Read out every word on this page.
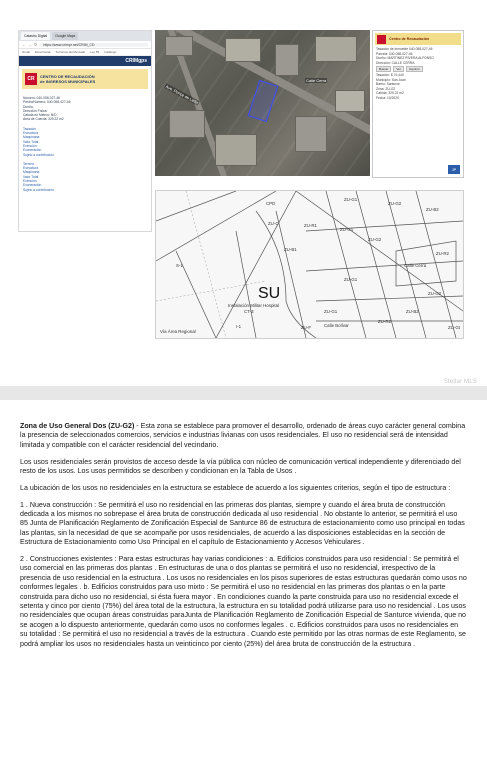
Catastro Digital	Google Maps
← → ↻	https://www.crimpr.net/CRIM_CD
Gmail Zona Fiscal Términos del Mercado Ley 55 Catálogo
CRIMgps
CR	CENTRO DE RECAUDACIÓN
de INGRESOS MUNICIPALES
Número: 040-058-027-46
Predio/Número: 040-058-027-46
Dueño:
Dirección Física:
Cabida en Metros: N/D
Área de Cuerda: 329.22 m2
Tasación
Estructura
Maquinaria
Valor Total
Exención
Exoneración
Sujeto a contribución
Terreno
Estructura
Maquinaria
Valor Total
Exención
Exoneración
Sujeto a contribución
Calle Cerra
Ave. Ponce de León
Centro de Recaudación
Tasación de Inmueble 040-058-027-46
Parcela: 040-058-027-46
Dueño: MARTINEZ RIVERA ALFONSO
Dirección: CALLE CERRA
Buscar	Ver	Imprimir
Tasación: $ 74,440
Municipio: San Juan
Barrio: Santurce
Zona: ZU-G2
Cabida: 329.22 m2
Fecha: 10/2020
JP
ZU-G1
ZU-G2
ZU-B2
ZU-R1
ZU-C
ZU-G1
ZU-G2
CT-3
I-1
S-1
CPD
Calle Cerra
ZU-R2
ZU-G1
ZU-B2
ZU-G1
ZU-R2
ZU-F	Calle Bolívar	ZU-Gt
ZU-B1
ZU-G2
Instalación Militar Hospital
Vía Área Regional
SU
Stellar MLS

Zona de Uso General Dos (ZU-G2) - Esta zona se establece para promover el desarrollo, ordenado de áreas cuyo carácter general combina la presencia de seleccionados comercios, servicios e industrias livianas con usos residenciales. El uso no residencial será de intensidad limitada y compatible con el carácter residencial del vecindario.

Los usos residenciales serán provistos de acceso desde la vía pública con núcleo de comunicación vertical independiente y diferenciado del resto de los usos. Los usos permitidos se describen y condicionan en la Tabla de Usos .

La ubicación de los usos no residenciales en la estructura se establece de acuerdo a los siguientes criterios, según el tipo de estructura :

1 . Nueva construcción : Se permitirá el uso no residencial en las primeras dos plantas, siempre y cuando el área bruta de construcción dedicada a los mismos no sobrepase el área bruta de construcción dedicada al uso residencial . No obstante lo anterior, se permitirá el uso 85 Junta de Planificación Reglamento de Zonificación Especial de Santurce 86 de estructura de estacionamiento como uso principal en todas las plantas, sin la necesidad de que se acompañe por usos residenciales, de acuerdo a las disposiciones establecidas en la sección de Estructura de Estacionamiento como Uso Principal en el capítulo de Estacionamiento y Accesos Vehiculares .

2 . Construcciones existentes : Para estas estructuras hay varias condiciones : a. Edificios construidos para uso residencial : Se permitirá el uso comercial en las primeras dos plantas . En estructuras de una o dos plantas se permitirá el uso no residencial, irrespectivo de la presencia de uso residencial en la estructura . Los usos no residenciales en los pisos superiores de estas estructuras quedarán como usos no conformes legales . b. Edificios construidos para uso mixto : Se permitirá el uso no residencial en las primeras dos plantas o en la parte construida para dicho uso no residencial, si ésta fuera mayor . En condiciones cuando la parte construida para uso no residencial excede el setenta y cinco por ciento (75%) del área total de la estructura, la estructura en su totalidad podrá utilizarse para uso no residencial . Los usos no residenciales que ocupan áreas construidas paraJunta de Planificación Reglamento de Zonificación Especial de Santurce vivienda, que no se acogen a lo dispuesto anteriormente, quedarán como usos no conformes legales . c. Edificios construidos para usos no residenciales en su totalidad : Se permitirá el uso no residencial a través de la estructura . Cuando este permitido por las otras normas de este Reglamento, se podrá ampliar los usos no residenciales hasta un veinticinco por ciento (25%) del área bruta de construcción de la estructura .
